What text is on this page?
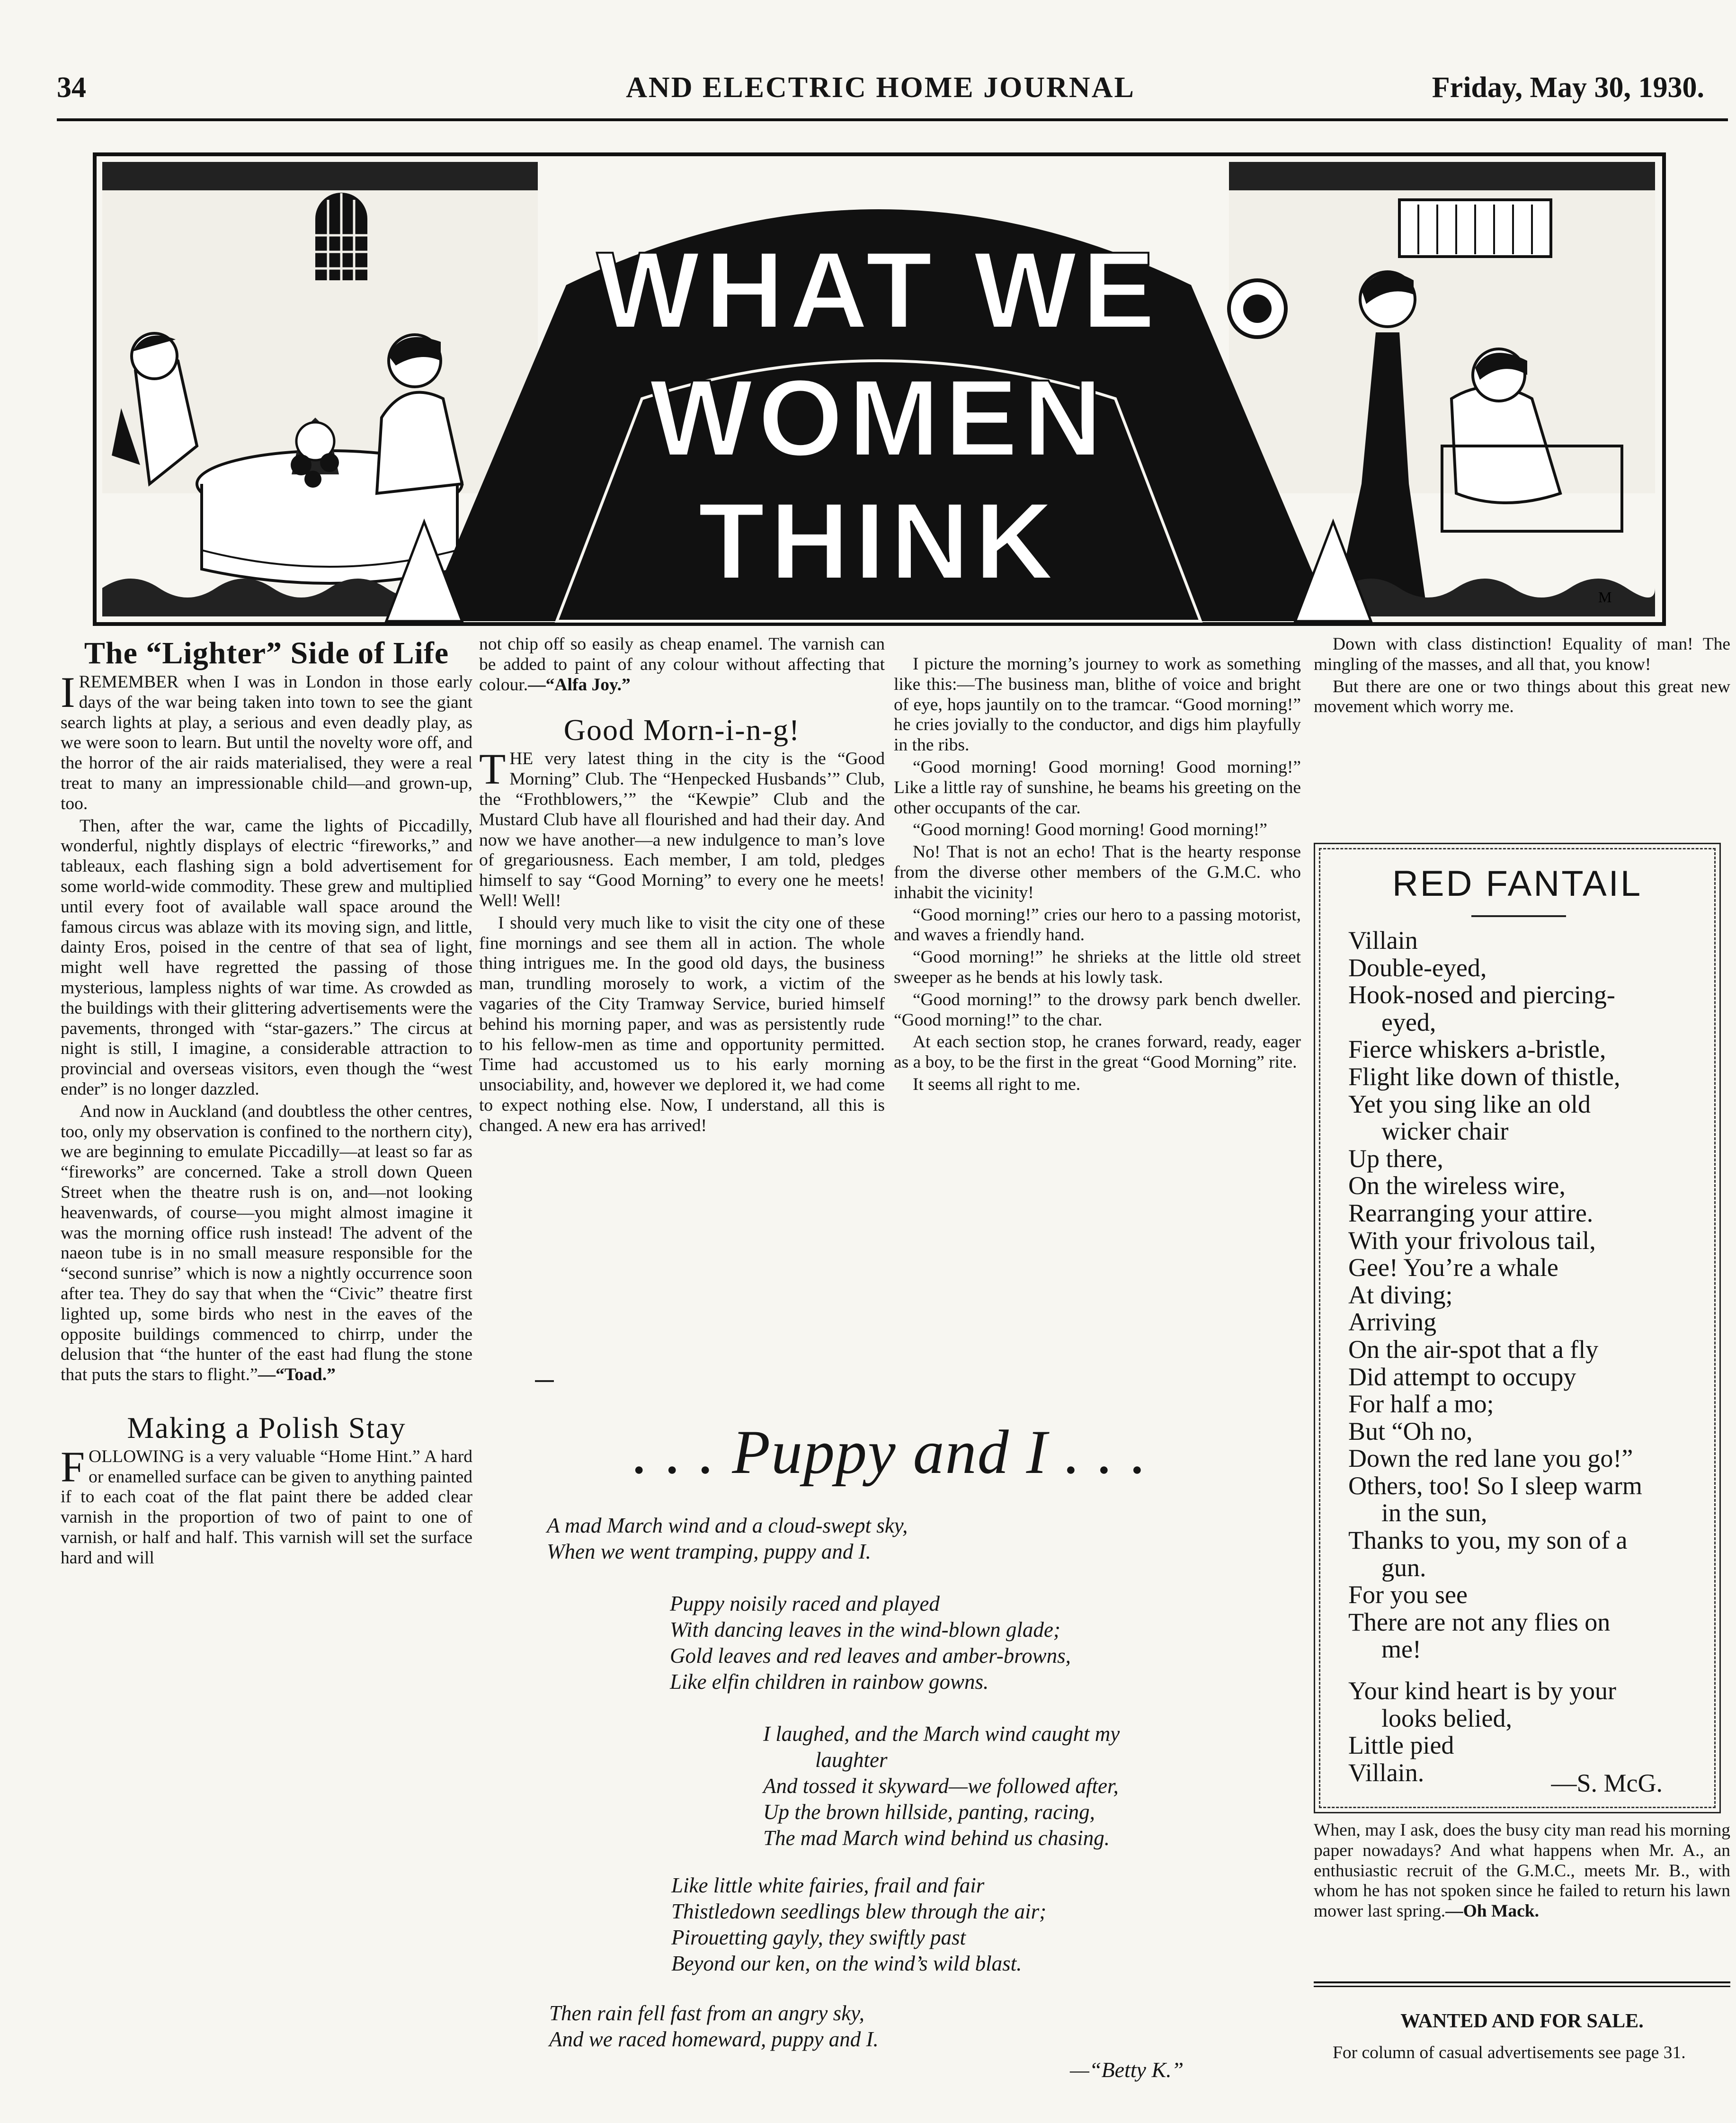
34	AND ELECTRIC HOME JOURNAL	Friday, May 30, 1930.
M
WHAT WE
WOMEN
THINK
The “Lighter” Side of Life

IREMEMBER when I was in London in those early days of the war being taken into town to see the giant search lights at play, a serious and even deadly play, as we were soon to learn. But until the novelty wore off, and the horror of the air raids materialised, they were a real treat to many an impressionable child—and grown-up, too.

Then, after the war, came the lights of Piccadilly, wonderful, nightly displays of electric “fireworks,” and tableaux, each flashing sign a bold advertisement for some world-wide commodity. These grew and multiplied until every foot of available wall space around the famous circus was ablaze with its moving sign, and little, dainty Eros, poised in the centre of that sea of light, might well have regretted the passing of those mysterious, lampless nights of war time. As crowded as the buildings with their glittering advertisements were the pavements, thronged with “star-gazers.” The circus at night is still, I imagine, a considerable attraction to provincial and overseas visitors, even though the “west ender” is no longer dazzled.

And now in Auckland (and doubtless the other centres, too, only my observation is confined to the northern city), we are beginning to emulate Piccadilly—at least so far as “fireworks” are concerned. Take a stroll down Queen Street when the theatre rush is on, and—not looking heavenwards, of course—you might almost imagine it was the morning office rush instead! The advent of the naeon tube is in no small measure responsible for the “second sunrise” which is now a nightly occurrence soon after tea. They do say that when the “Civic” theatre first lighted up, some birds who nest in the eaves of the opposite buildings commenced to chirrp, under the delusion that “the hunter of the east had flung the stone that puts the stars to flight.”—“Toad.”

Making a Polish Stay

FOLLOWING is a very valuable “Home Hint.” A hard or enamelled surface can be given to anything painted if to each coat of the flat paint there be added clear varnish in the proportion of two of paint to one of varnish, or half and half. This varnish will set the surface hard and will

not chip off so easily as cheap enamel. The varnish can be added to paint of any colour without affecting that colour.—“Alfa Joy.”

Good Morn-i-n-g!

THE very latest thing in the city is the “Good Morning” Club. The “Henpecked Husbands’” Club, the “Frothblowers,’” the “Kewpie” Club and the Mustard Club have all flourished and had their day. And now we have another—a new indulgence to man’s love of gregariousness. Each member, I am told, pledges himself to say “Good Morning” to every one he meets! Well! Well!

I should very much like to visit the city one of these fine mornings and see them all in action. The whole thing intrigues me. In the good old days, the business man, trundling morosely to work, a victim of the vagaries of the City Tramway Service, buried himself behind his morning paper, and was as persistently rude to his fellow-men as time and opportunity permitted. Time had accustomed us to his early morning unsociability, and, however we deplored it, we had come to expect nothing else. Now, I understand, all this is changed. A new era has arrived!

I picture the morning’s journey to work as something like this:—The business man, blithe of voice and bright of eye, hops jauntily on to the tramcar. “Good morning!” he cries jovially to the conductor, and digs him playfully in the ribs.

“Good morning! Good morning! Good morning!” Like a little ray of sunshine, he beams his greeting on the other occupants of the car.

“Good morning! Good morning! Good morning!”

No! That is not an echo! That is the hearty response from the diverse other members of the G.M.C. who inhabit the vicinity!

“Good morning!” cries our hero to a passing motorist, and waves a friendly hand.

“Good morning!” he shrieks at the little old street sweeper as he bends at his lowly task.

“Good morning!” to the drowsy park bench dweller. “Good morning!” to the char.

At each section stop, he cranes forward, ready, eager as a boy, to be the first in the great “Good Morning” rite.

It seems all right to me.

Down with class distinction! Equality of man! The mingling of the masses, and all that, you know!

But there are one or two things about this great new movement which worry me.

RED FANTAIL
Villain
Double-eyed,
Hook-nosed and piercing-
eyed,
Fierce whiskers a-bristle,
Flight like down of thistle,
Yet you sing like an old
wicker chair
Up there,
On the wireless wire,
Rearranging your attire.
With your frivolous tail,
Gee! You’re a whale
At diving;
Arriving
On the air-spot that a fly
Did attempt to occupy
For half a mo;
But “Oh no,
Down the red lane you go!”
Others, too! So I sleep warm
in the sun,
Thanks to you, my son of a
gun.
For you see
There are not any flies on
me!
Your kind heart is by your
looks belied,
Little pied
Villain.	—S. McG.
. . . Puppy and I . . .
A mad March wind and a cloud-swept sky,
When we went tramping, puppy and I.
Puppy noisily raced and played
With dancing leaves in the wind-blown glade;
Gold leaves and red leaves and amber-browns,
Like elfin children in rainbow gowns.
I laughed, and the March wind caught my
laughter
And tossed it skyward—we followed after,
Up the brown hillside, panting, racing,
The mad March wind behind us chasing.
Like little white fairies, frail and fair
Thistledown seedlings blew through the air;
Pirouetting gayly, they swiftly past
Beyond our ken, on the wind’s wild blast.
Then rain fell fast from an angry sky,
And we raced homeward, puppy and I.
—“Betty K.”

When, may I ask, does the busy city man read his morning paper nowadays? And what happens when Mr. A., an enthusiastic recruit of the G.M.C., meets Mr. B., with whom he has not spoken since he failed to return his lawn mower last spring.—Oh Mack.

WANTED AND FOR SALE.
For column of casual advertisements see page 31.
